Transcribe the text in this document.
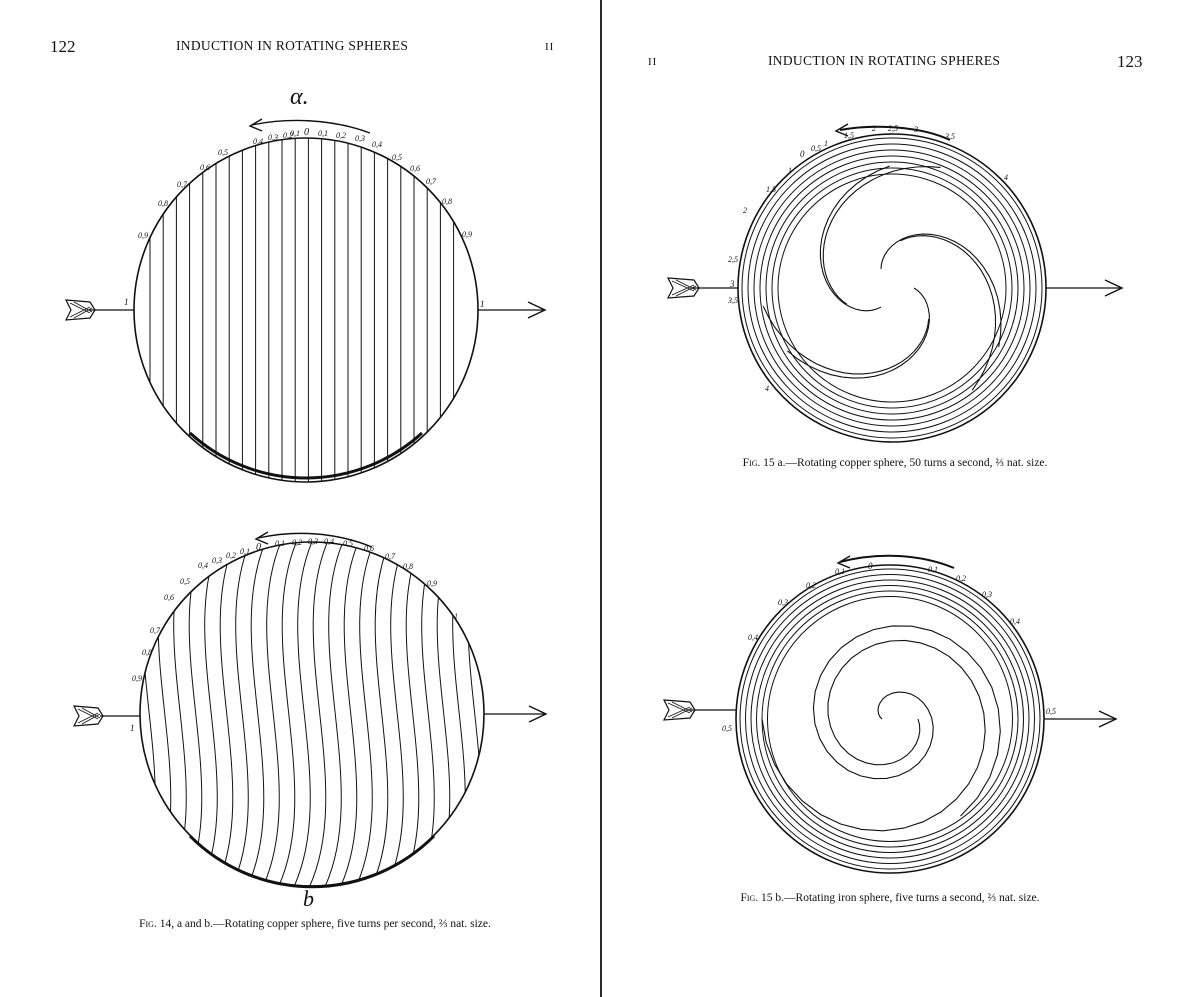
122	INDUCTION IN ROTATING SPHERES	II
α.
0,4 0,3 0,2
0,1 0 0,1 0,2 0,3
0,4
0,5
0,6
0,7
0,8
0,9
1
0,5
0,6
0,7
0,8
0,9
1
0,4
0,3
0,2 0,1 0 0,1 0,2 0,3 0,4 0,5
0,6
0,7
0,8
0,9
1
0,5
0,6
0,7
0,8
0,9
1
b
Fig. 14, a and b.—Rotating copper sphere, five turns per second, ⅔ nat. size.
II	INDUCTION IN ROTATING SPHERES	123
0
0,5
1
1,5
2 2,5 3
3,5
1
1,5
2
2,5
3
3,5
4
4
0,2
0,1
0	0,1
0,2
0,3
0,4
0,3
0,4
0,5
0,5
Fig. 15 a.—Rotating copper sphere, 50 turns a second, ⅔ nat. size.
Fig. 15 b.—Rotating iron sphere, five turns a second, ⅔ nat. size.
